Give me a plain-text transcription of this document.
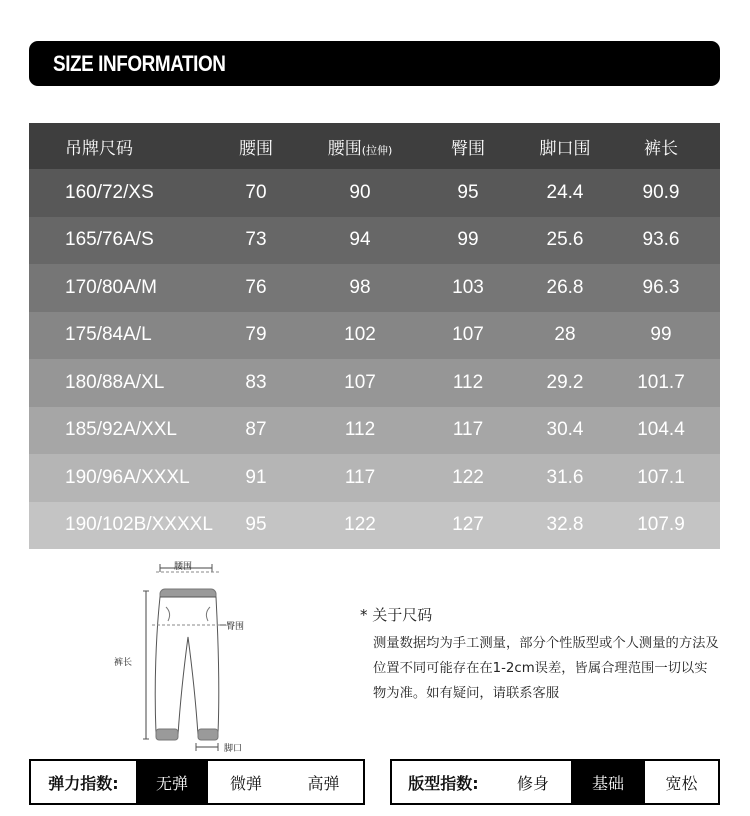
SIZE INFORMATION
吊牌尺码	腰围	腰围(拉伸)	臀围	脚口围	裤长
160/72/XS	70	90	95	24.4	90.9
165/76A/S	73	94	99	25.6	93.6
170/80A/M	76	98	103	26.8	96.3
175/84A/L	79	102	107	28	99
180/88A/XL	83	107	112	29.2	101.7
185/92A/XXL	87	112	117	30.4	104.4
190/96A/XXXL	91	117	122	31.6	107.1
190/102B/XXXXL	95	122	127	32.8	107.9
腰围
臀围
裤长
脚口
* 关于尺码
测量数据均为手工测量，部分个性版型或个人测量的方法及位置不同可能存在在1-2cm误差，皆属合理范围一切以实物为准。如有疑问，请联系客服
弹力指数:	无弹	微弹	高弹	版型指数:	修身	基础	宽松
